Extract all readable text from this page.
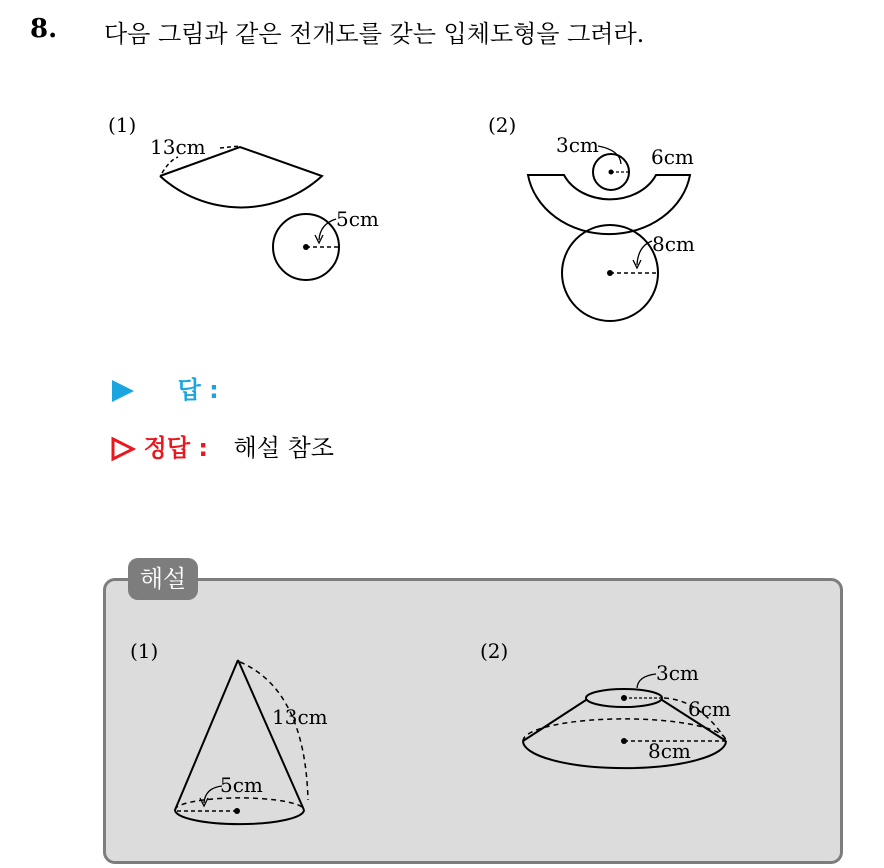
8. 다음 그림과 같은 전개도를 갖는 입체도형을 그려라.
(1)
13cm
5cm
(2)
3cm	6cm
8cm
답 :
정답 : 해설 참조
해설
(1)
5cm
13cm
(2)
3cm
6cm
8cm
